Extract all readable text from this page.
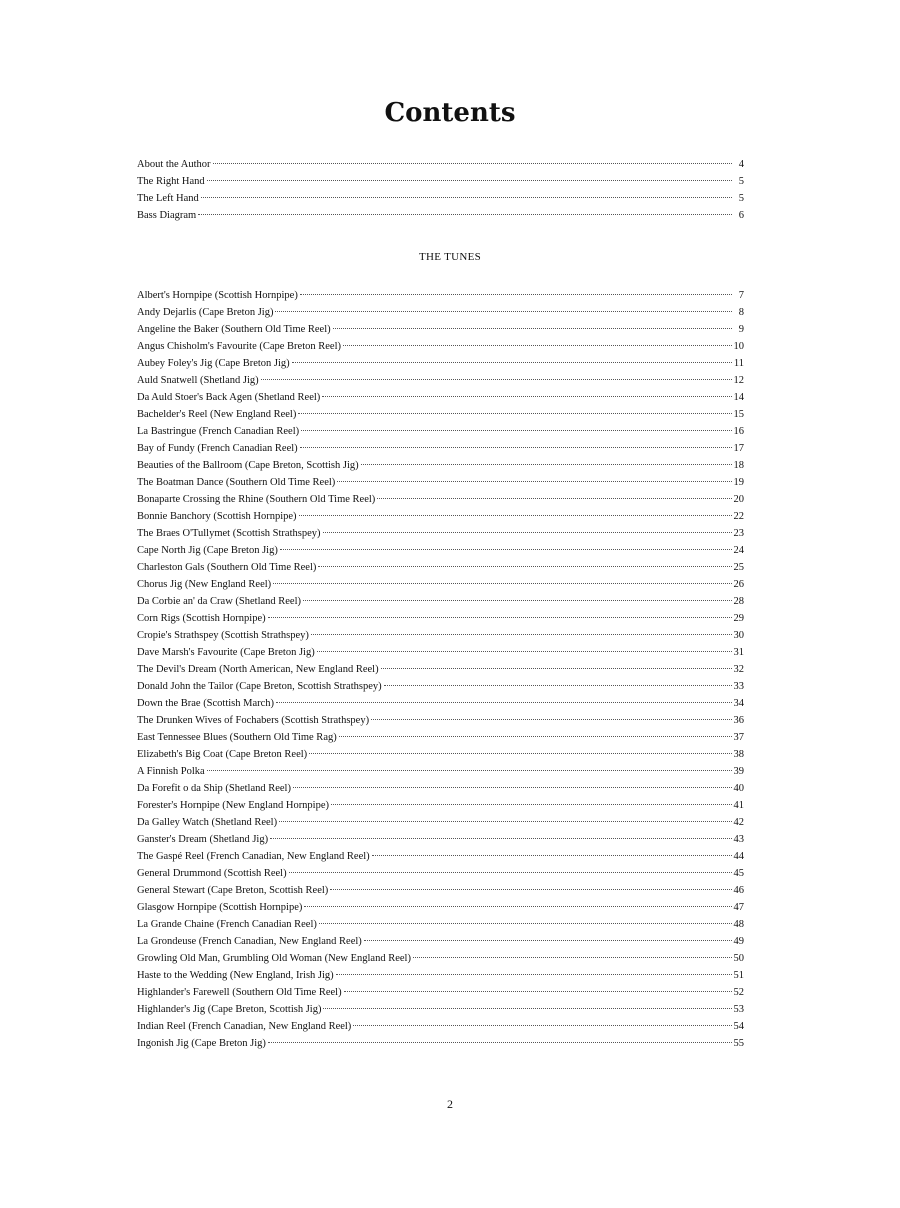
Contents
About the Author	4
The Right Hand	5
The Left Hand	5
Bass Diagram	6
THE TUNES
Albert's Hornpipe (Scottish Hornpipe)	7
Andy Dejarlis (Cape Breton Jig)	8
Angeline the Baker (Southern Old Time Reel)	9
Angus Chisholm's Favourite (Cape Breton Reel)	10
Aubey Foley's Jig (Cape Breton Jig)	11
Auld Snatwell (Shetland Jig)	12
Da Auld Stoer's Back Agen (Shetland Reel)	14
Bachelder's Reel (New England Reel)	15
La Bastringue (French Canadian Reel)	16
Bay of Fundy (French Canadian Reel)	17
Beauties of the Ballroom (Cape Breton, Scottish Jig)	18
The Boatman Dance (Southern Old Time Reel)	19
Bonaparte Crossing the Rhine (Southern Old Time Reel)	20
Bonnie Banchory (Scottish Hornpipe)	22
The Braes O'Tullymet (Scottish Strathspey)	23
Cape North Jig (Cape Breton Jig)	24
Charleston Gals (Southern Old Time Reel)	25
Chorus Jig (New England Reel)	26
Da Corbie an' da Craw (Shetland Reel)	28
Corn Rigs (Scottish Hornpipe)	29
Cropie's Strathspey (Scottish Strathspey)	30
Dave Marsh's Favourite (Cape Breton Jig)	31
The Devil's Dream (North American, New England Reel)	32
Donald John the Tailor (Cape Breton, Scottish Strathspey)	33
Down the Brae (Scottish March)	34
The Drunken Wives of Fochabers (Scottish Strathspey)	36
East Tennessee Blues (Southern Old Time Rag)	37
Elizabeth's Big Coat (Cape Breton Reel)	38
A Finnish Polka	39
Da Forefit o da Ship (Shetland Reel)	40
Forester's Hornpipe (New England Hornpipe)	41
Da Galley Watch (Shetland Reel)	42
Ganster's Dream (Shetland Jig)	43
The Gaspé Reel (French Canadian, New England Reel)	44
General Drummond (Scottish Reel)	45
General Stewart (Cape Breton, Scottish Reel)	46
Glasgow Hornpipe (Scottish Hornpipe)	47
La Grande Chaine (French Canadian Reel)	48
La Grondeuse (French Canadian, New England Reel)	49
Growling Old Man, Grumbling Old Woman (New England Reel)	50
Haste to the Wedding (New England, Irish Jig)	51
Highlander's Farewell (Southern Old Time Reel)	52
Highlander's Jig (Cape Breton, Scottish Jig)	53
Indian Reel (French Canadian, New England Reel)	54
Ingonish Jig (Cape Breton Jig)	55
2
